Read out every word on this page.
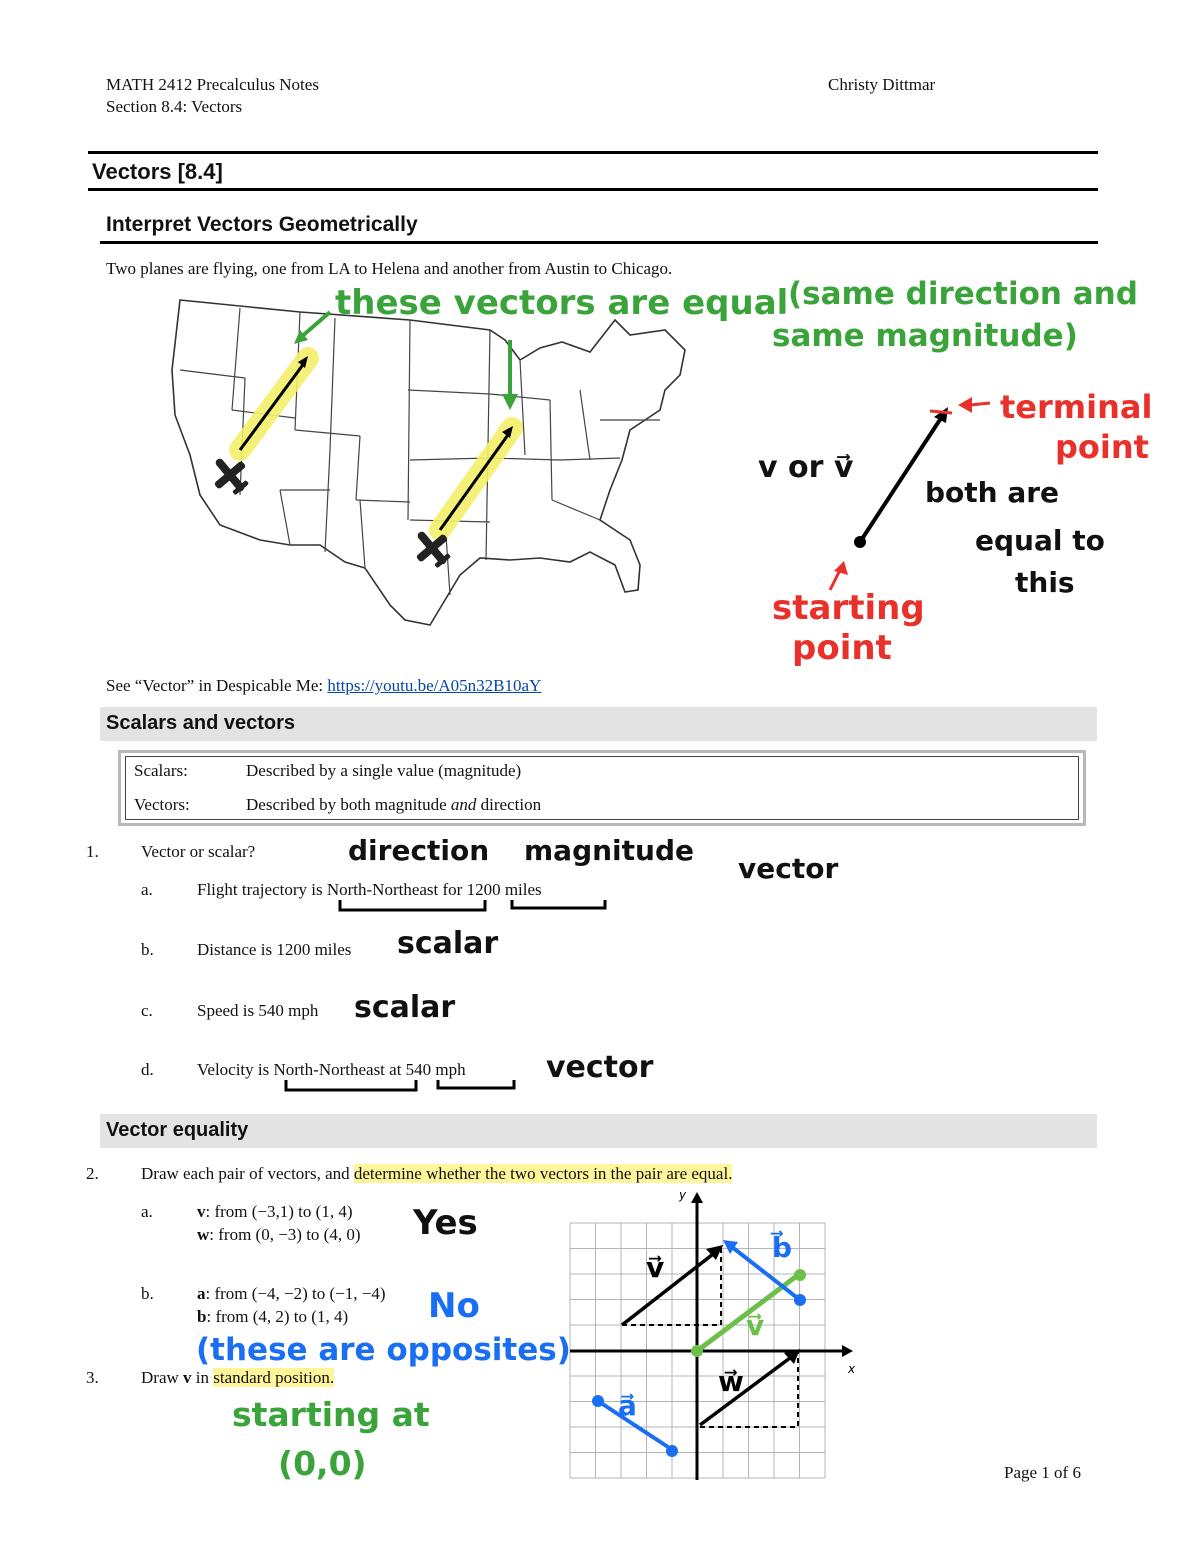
MATH 2412 Precalculus Notes
Section 8.4: Vectors
Christy Dittmar
Vectors [8.4]
Interpret Vectors Geometrically
Two planes are flying, one from LA to Helena and another from Austin to Chicago.
these vectors are equal (same direction and
same magnitude)
v or v⃗
terminal
point
both are
equal to
this
starting
point
See “Vector” in Despicable Me: https://youtu.be/A05n32B10aY
Scalars and vectors
Scalars:	Described by a single value (magnitude)
Vectors:	Described by both magnitude and direction
1. Vector or scalar?	direction magnitude
vector
a.	Flight trajectory is North-Northeast for 1200 miles
b.	Distance is 1200 miles scalar
c.	Speed is 540 mph scalar
d.	Velocity is North-Northeast at 540 mph	vector
Vector equality
2. Draw each pair of vectors, and determine whether the two vectors in the pair are equal.
a.	v: from (−3,1) to (1, 4)
w: from (0, −3) to (4, 0) Yes
b.	a: from (−4, −2) to (−1, −4)
b: from (4, 2) to (1, 4) No
(these are opposites)
3. Draw v in standard position.
starting at
(0,0)
x
y
v⃗
w⃗
a⃗
b⃗
v⃗
Page 1 of 6
